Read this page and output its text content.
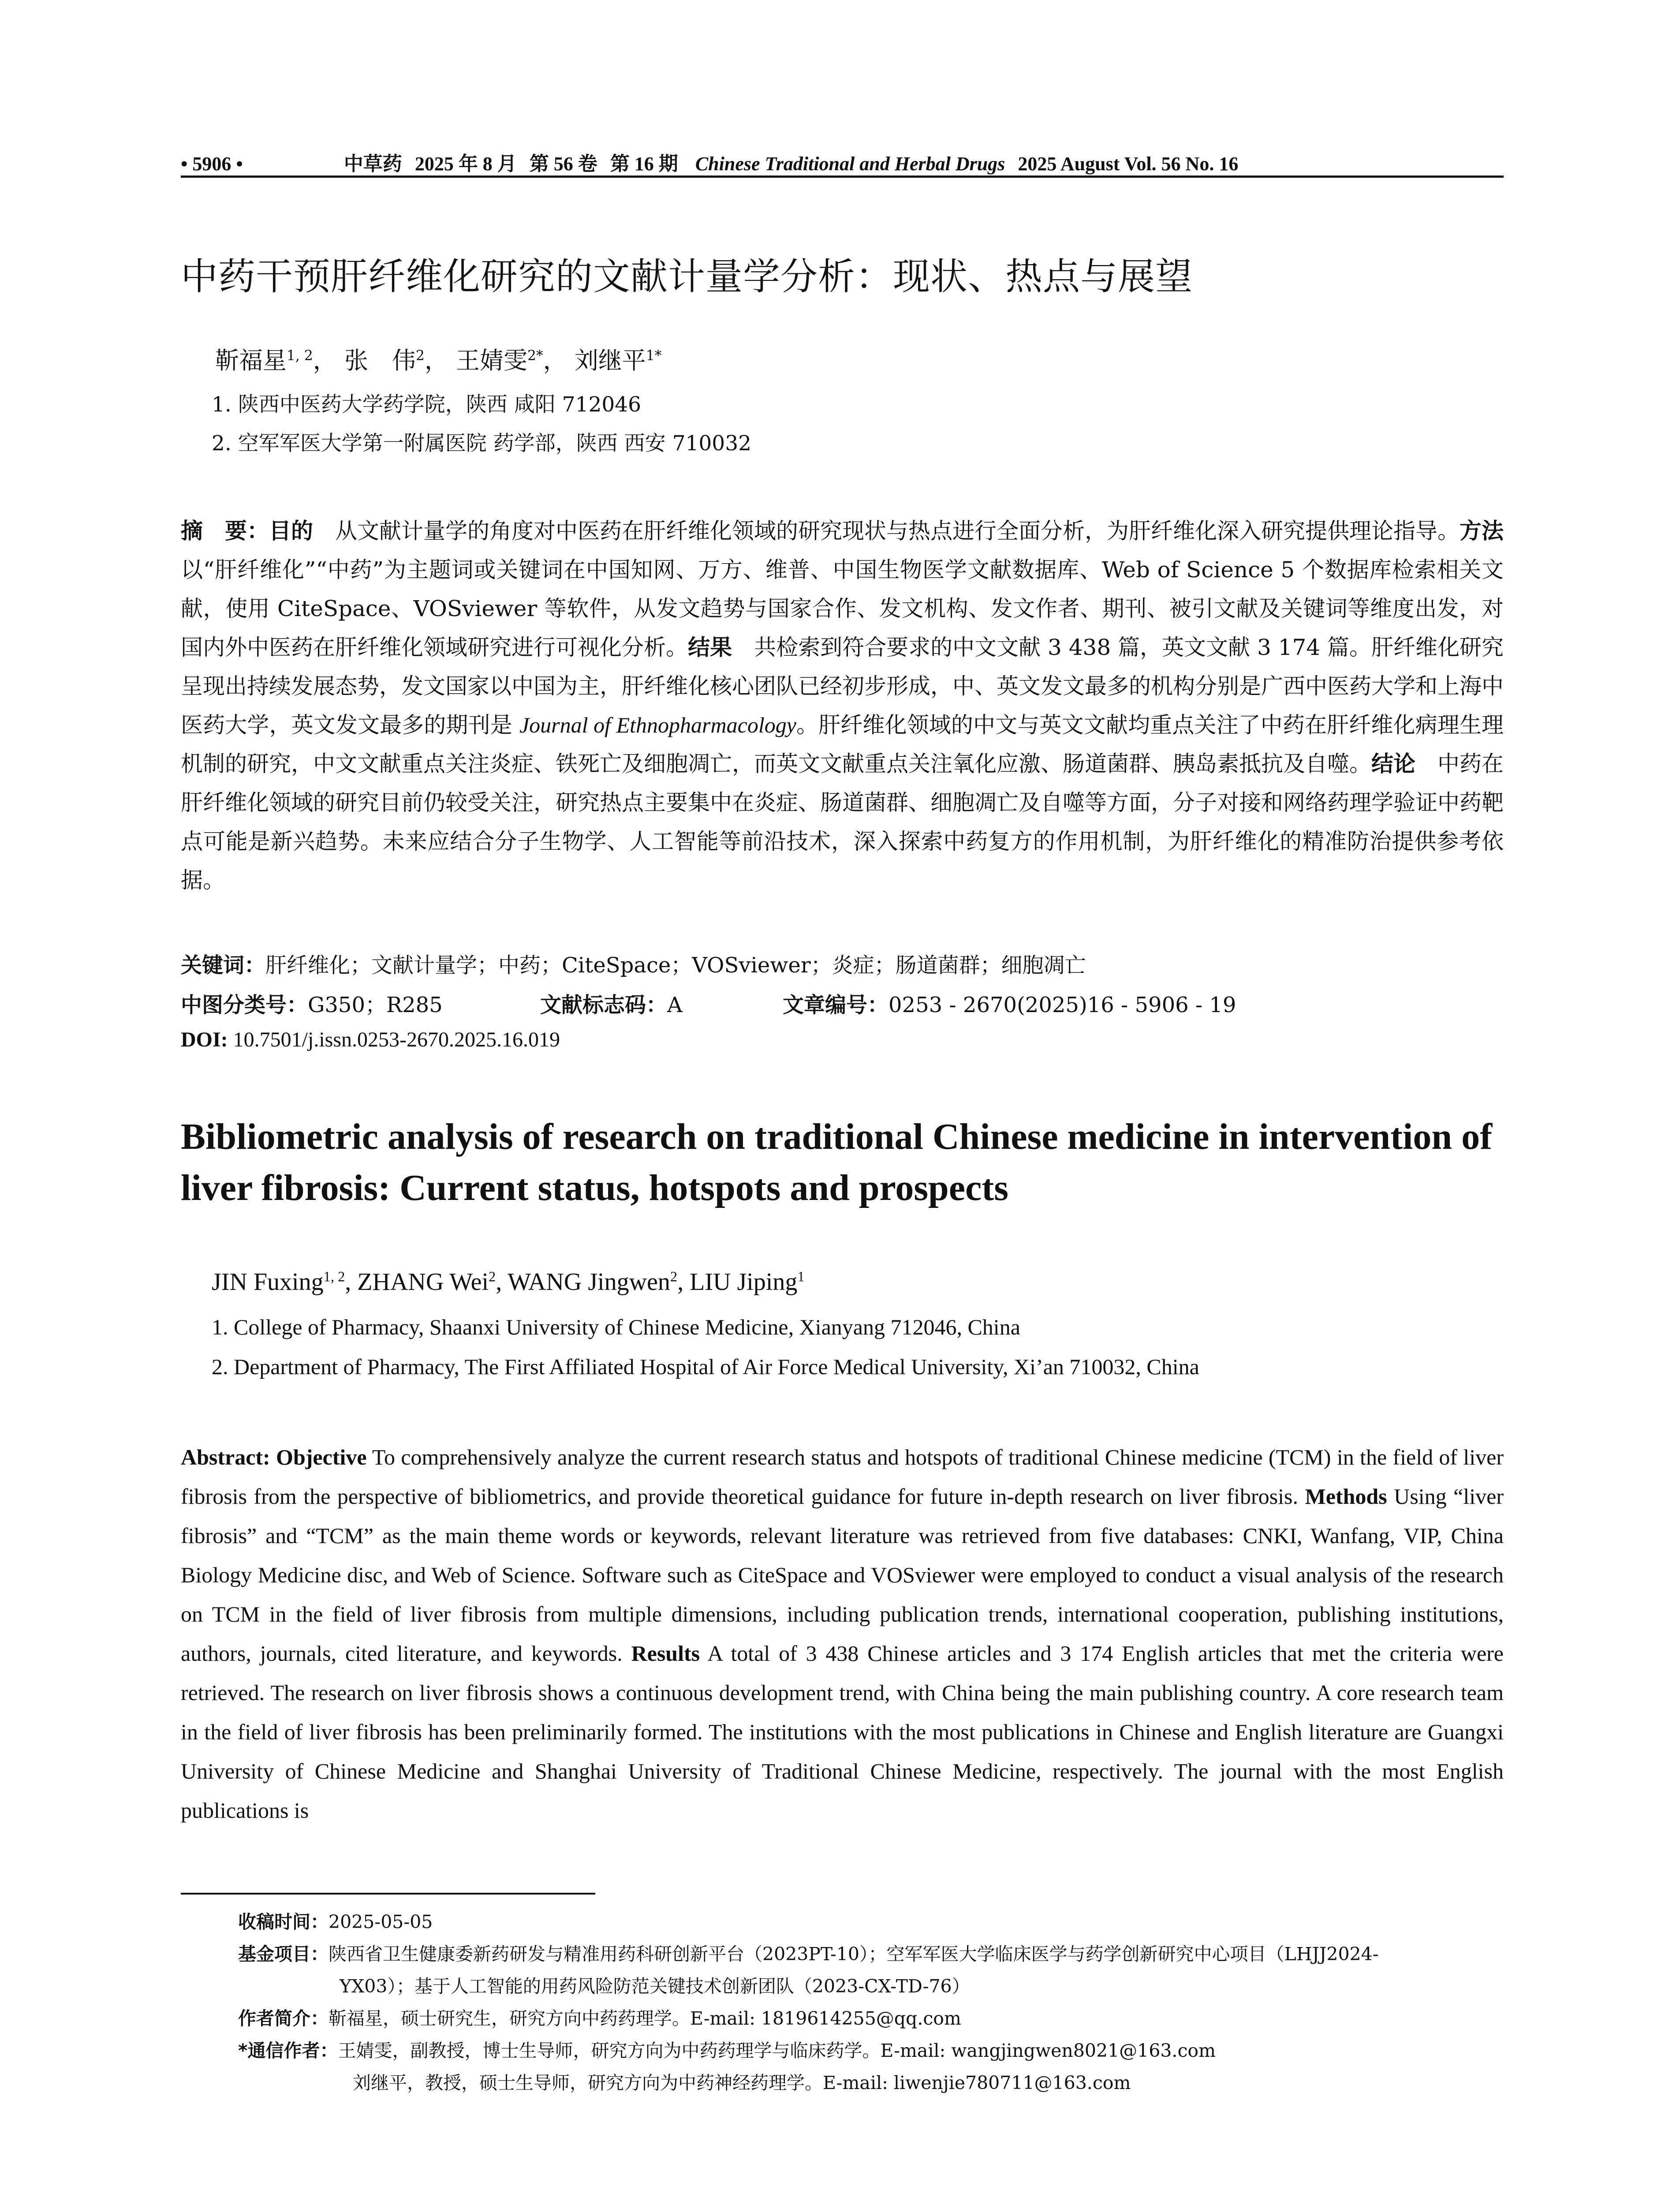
• 5906 •	中草药 2025 年 8 月 第 56 卷 第 16 期 Chinese Traditional and Herbal Drugs 2025 August Vol. 56 No. 16
中药干预肝纤维化研究的文献计量学分析：现状、热点与展望
靳福星$^{1, 2}$， 张　伟$^2$， 王婧雯$^{2*}$， 刘继平$^{1*}$
1. 陕西中医药大学药学院，陕西 咸阳 712046
2. 空军军医大学第一附属医院 药学部，陕西 西安 710032
摘　要：目的　从文献计量学的角度对中医药在肝纤维化领域的研究现状与热点进行全面分析，为肝纤维化深入研究提供理论指导。方法　以“肝纤维化”“中药”为主题词或关键词在中国知网、万方、维普、中国生物医学文献数据库、Web of Science 5 个数据库检索相关文献，使用 CiteSpace、VOSviewer 等软件，从发文趋势与国家合作、发文机构、发文作者、期刊、被引文献及关键词等维度出发，对国内外中医药在肝纤维化领域研究进行可视化分析。结果　共检索到符合要求的中文文献 3 438 篇，英文文献 3 174 篇。肝纤维化研究呈现出持续发展态势，发文国家以中国为主，肝纤维化核心团队已经初步形成，中、英文发文最多的机构分别是广西中医药大学和上海中医药大学，英文发文最多的期刊是 Journal of Ethnopharmacology。肝纤维化领域的中文与英文文献均重点关注了中药在肝纤维化病理生理机制的研究，中文文献重点关注炎症、铁死亡及细胞凋亡，而英文文献重点关注氧化应激、肠道菌群、胰岛素抵抗及自噬。结论　中药在肝纤维化领域的研究目前仍较受关注，研究热点主要集中在炎症、肠道菌群、细胞凋亡及自噬等方面，分子对接和网络药理学验证中药靶点可能是新兴趋势。未来应结合分子生物学、人工智能等前沿技术，深入探索中药复方的作用机制，为肝纤维化的精准防治提供参考依据。
关键词：肝纤维化；文献计量学；中药；CiteSpace；VOSviewer；炎症；肠道菌群；细胞凋亡
中图分类号：G350；R285	文献标志码：A	文章编号：0253 - 2670(2025)16 - 5906 - 19
DOI: 10.7501/j.issn.0253-2670.2025.16.019
Bibliometric analysis of research on traditional Chinese medicine in intervention of liver fibrosis: Current status, hotspots and prospects
JIN Fuxing$^{1, 2}$, ZHANG Wei$^2$, WANG Jingwen$^2$, LIU Jiping$^1$
1. College of Pharmacy, Shaanxi University of Chinese Medicine, Xianyang 712046, China
2. Department of Pharmacy, The First Affiliated Hospital of Air Force Medical University, Xi’an 710032, China
Abstract: Objective To comprehensively analyze the current research status and hotspots of traditional Chinese medicine (TCM) in the field of liver fibrosis from the perspective of bibliometrics, and provide theoretical guidance for future in-depth research on liver fibrosis. Methods Using “liver fibrosis” and “TCM” as the main theme words or keywords, relevant literature was retrieved from five databases: CNKI, Wanfang, VIP, China Biology Medicine disc, and Web of Science. Software such as CiteSpace and VOSviewer were employed to conduct a visual analysis of the research on TCM in the field of liver fibrosis from multiple dimensions, including publication trends, international cooperation, publishing institutions, authors, journals, cited literature, and keywords. Results A total of 3 438 Chinese articles and 3 174 English articles that met the criteria were retrieved. The research on liver fibrosis shows a continuous development trend, with China being the main publishing country. A core research team in the field of liver fibrosis has been preliminarily formed. The institutions with the most publications in Chinese and English literature are Guangxi University of Chinese Medicine and Shanghai University of Traditional Chinese Medicine, respectively. The journal with the most English publications is
收稿时间：2025-05-05
基金项目：陕西省卫生健康委新药研发与精准用药科研创新平台（2023PT-10）；空军军医大学临床医学与药学创新研究中心项目（LHJJ2024-
YX03）；基于人工智能的用药风险防范关键技术创新团队（2023-CX-TD-76）
作者简介：靳福星，硕士研究生，研究方向中药药理学。E-mail: 1819614255@qq.com
*通信作者：王婧雯，副教授，博士生导师，研究方向为中药药理学与临床药学。E-mail: wangjingwen8021@163.com
刘继平，教授，硕士生导师，研究方向为中药神经药理学。E-mail: liwenjie780711@163.com
